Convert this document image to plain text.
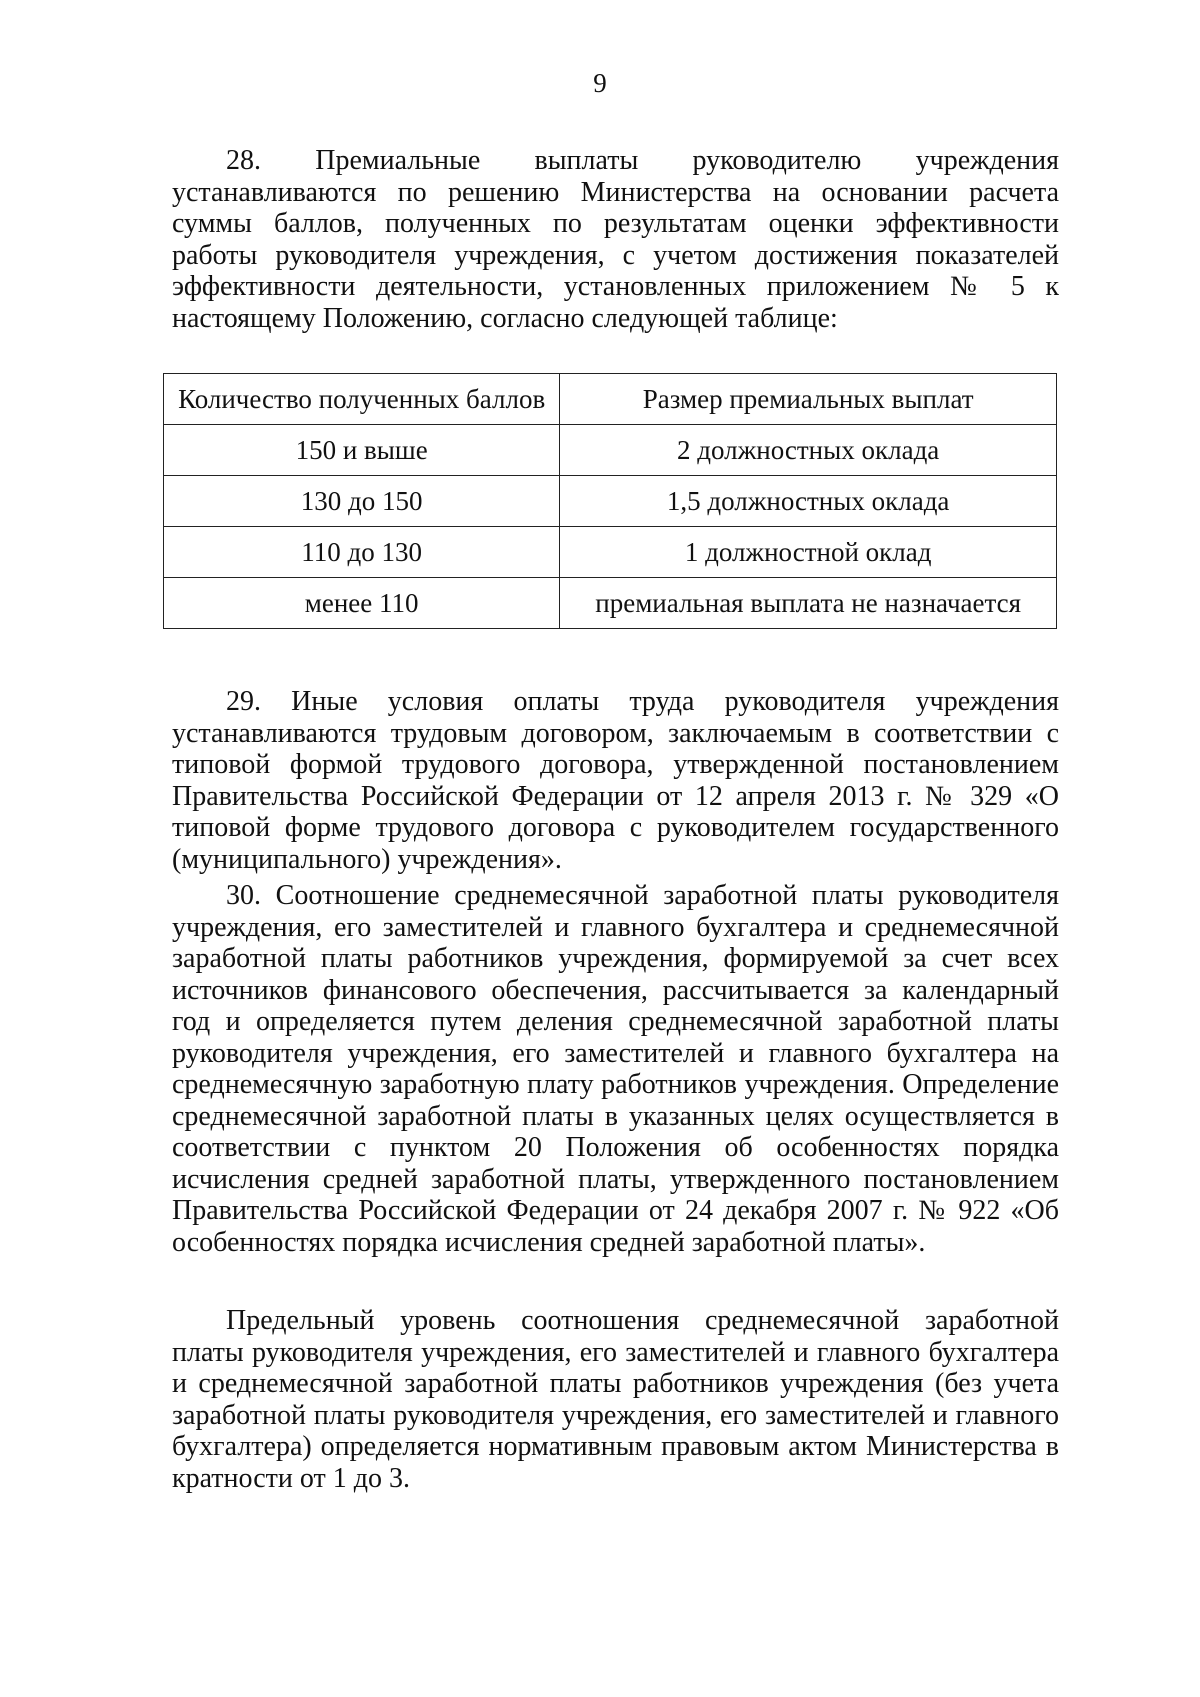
9

28. Премиальные выплаты руководителю учреждения устанавливаются по решению Министерства на основании расчета суммы баллов, полученных по результатам оценки эффективности работы руководителя учреждения, с учетом достижения показателей эффективности деятельности, установленных приложением № 5 к настоящему Положению, согласно следующей таблице:

Количество полученных баллов	Размер премиальных выплат
150 и выше	2 должностных оклада
130 до 150	1,5 должностных оклада
110 до 130	1 должностной оклад
менее 110	премиальная выплата не назначается

29. Иные условия оплаты труда руководителя учреждения устанавливаются трудовым договором, заключаемым в соответствии с типовой формой трудового договора, утвержденной постановлением Правительства Российской Федерации от 12 апреля 2013 г. № 329 «О типовой форме трудового договора с руководителем государственного (муниципального) учреждения».

30. Соотношение среднемесячной заработной платы руководителя учреждения, его заместителей и главного бухгалтера и среднемесячной заработной платы работников учреждения, формируемой за счет всех источников финансового обеспечения, рассчитывается за календарный год и определяется путем деления среднемесячной заработной платы руководителя учреждения, его заместителей и главного бухгалтера на среднемесячную заработную плату работников учреждения. Определение среднемесячной заработной платы в указанных целях осуществляется в соответствии с пунктом 20 Положения об особенностях порядка исчисления средней заработной платы, утвержденного постановлением Правительства Российской Федерации от 24 декабря 2007 г. № 922 «Об особенностях порядка исчисления средней заработной платы».

Предельный уровень соотношения среднемесячной заработной платы руководителя учреждения, его заместителей и главного бухгалтера и среднемесячной заработной платы работников учреждения (без учета заработной платы руководителя учреждения, его заместителей и главного бухгалтера) определяется нормативным правовым актом Министерства в кратности от 1 до 3.
